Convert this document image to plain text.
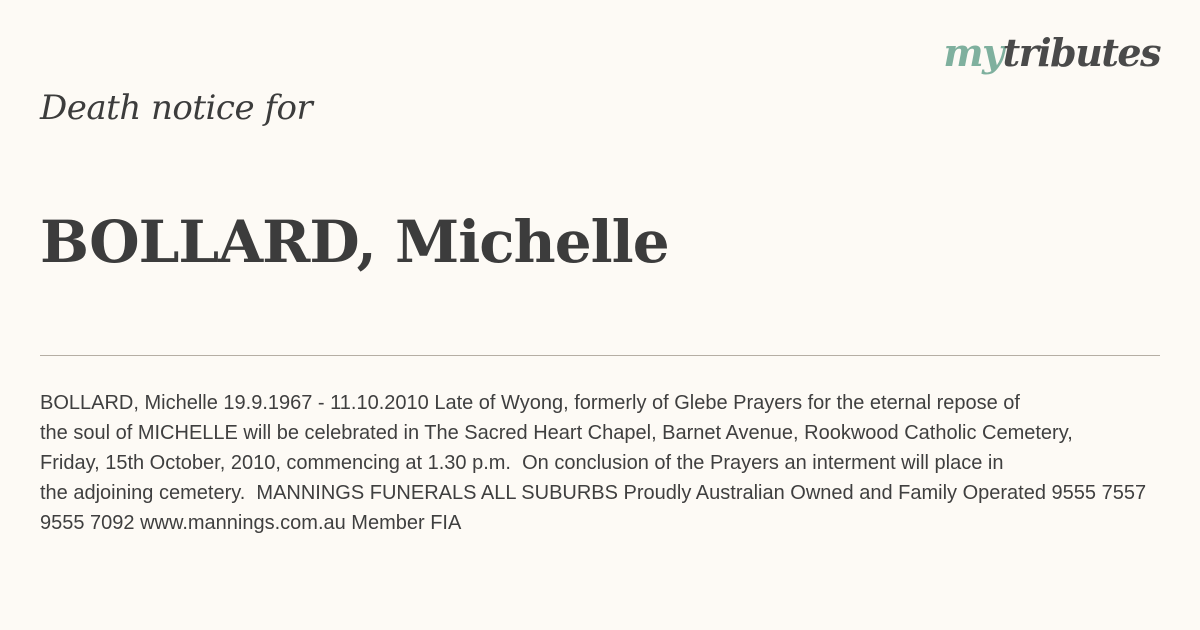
mytributes
Death notice for
BOLLARD, Michelle
BOLLARD, Michelle 19.9.1967 - 11.10.2010 Late of Wyong, formerly of Glebe Prayers for the eternal repose of
the soul of MICHELLE will be celebrated in The Sacred Heart Chapel, Barnet Avenue, Rookwood Catholic Cemetery,
Friday, 15th October, 2010, commencing at 1.30 p.m.  On conclusion of the Prayers an interment will place in
the adjoining cemetery.  MANNINGS FUNERALS ALL SUBURBS Proudly Australian Owned and Family Operated 9555 7557
9555 7092 www.mannings.com.au Member FIA
